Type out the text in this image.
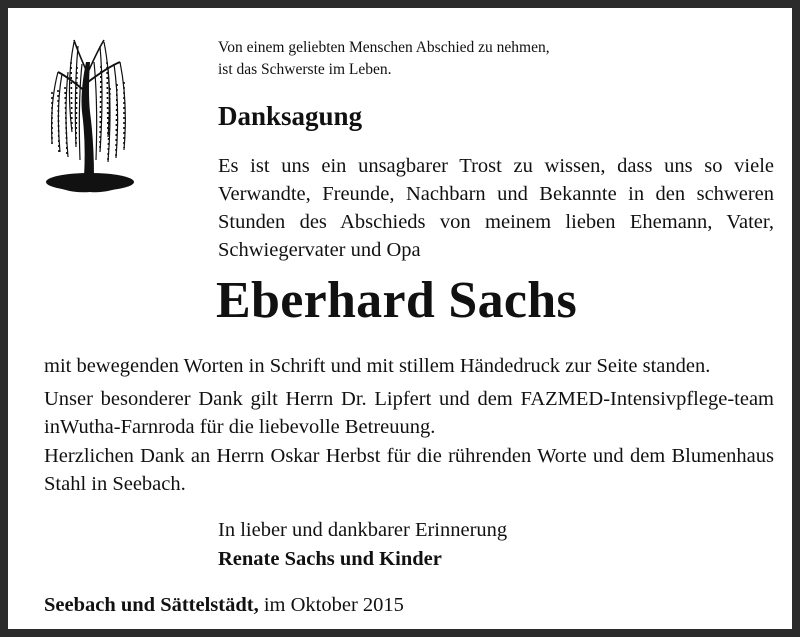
Von einem geliebten Menschen Abschied zu nehmen,
ist das Schwerste im Leben.
Danksagung
Es ist uns ein unsagbarer Trost zu wissen, dass uns so viele Verwandte, Freunde, Nachbarn und Bekannte in den schweren Stunden des Abschieds von meinem lieben Ehemann, Vater, Schwiegervater und Opa
Eberhard Sachs

mit bewegenden Worten in Schrift und mit stillem Händedruck zur Seite standen.

Unser besonderer Dank gilt Herrn Dr. Lipfert und dem FAZMED-Intensivpflege-team inWutha-Farnroda für die liebevolle Betreuung.

Herzlichen Dank an Herrn Oskar Herbst für die rührenden Worte und dem Blumenhaus Stahl in Seebach.

In lieber und dankbarer Erinnerung
Renate Sachs und Kinder
Seebach und Sättelstädt, im Oktober 2015
